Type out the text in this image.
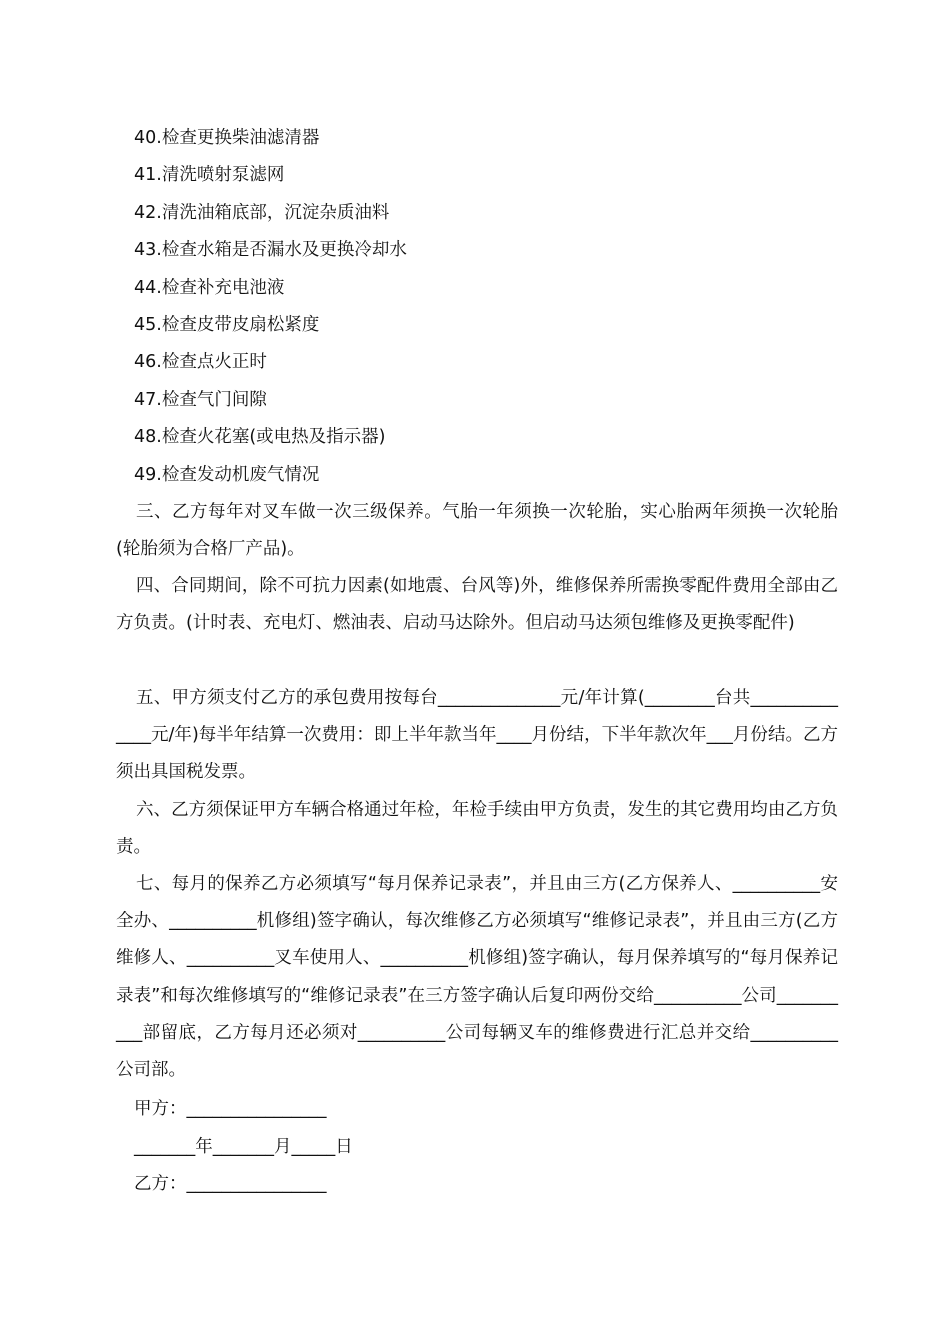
40.检查更换柴油滤清器
41.清洗喷射泵滤网
42.清洗油箱底部，沉淀杂质油料
43.检查水箱是否漏水及更换冷却水
44.检查补充电池液
45.检查皮带皮扇松紧度
46.检查点火正时
47.检查气门间隙
48.检查火花塞(或电热及指示器)
49.检查发动机废气情况
三、乙方每年对叉车做一次三级保养。气胎一年须换一次轮胎，实心胎两年须换一次轮胎(轮胎须为合格厂产品)。
四、合同期间，除不可抗力因素(如地震、台风等)外，维修保养所需换零配件费用全部由乙方负责。(计时表、充电灯、燃油表、启动马达除外。但启动马达须包维修及更换零配件)
五、甲方须支付乙方的承包费用按每台______________元/年计算(________台共______________元/年)每半年结算一次费用：即上半年款当年____月份结，下半年款次年___月份结。乙方须出具国税发票。
六、乙方须保证甲方车辆合格通过年检，年检手续由甲方负责，发生的其它费用均由乙方负责。
七、每月的保养乙方必须填写“每月保养记录表”，并且由三方(乙方保养人、__________安全办、__________机修组)签字确认，每次维修乙方必须填写“维修记录表”，并且由三方(乙方维修人、__________叉车使用人、__________机修组)签字确认，每月保养填写的“每月保养记录表”和每次维修填写的“维修记录表”在三方签字确认后复印两份交给__________公司__________部留底，乙方每月还必须对__________公司每辆叉车的维修费进行汇总并交给__________公司部。
甲方：________________
_______年_______月_____日
乙方：________________
